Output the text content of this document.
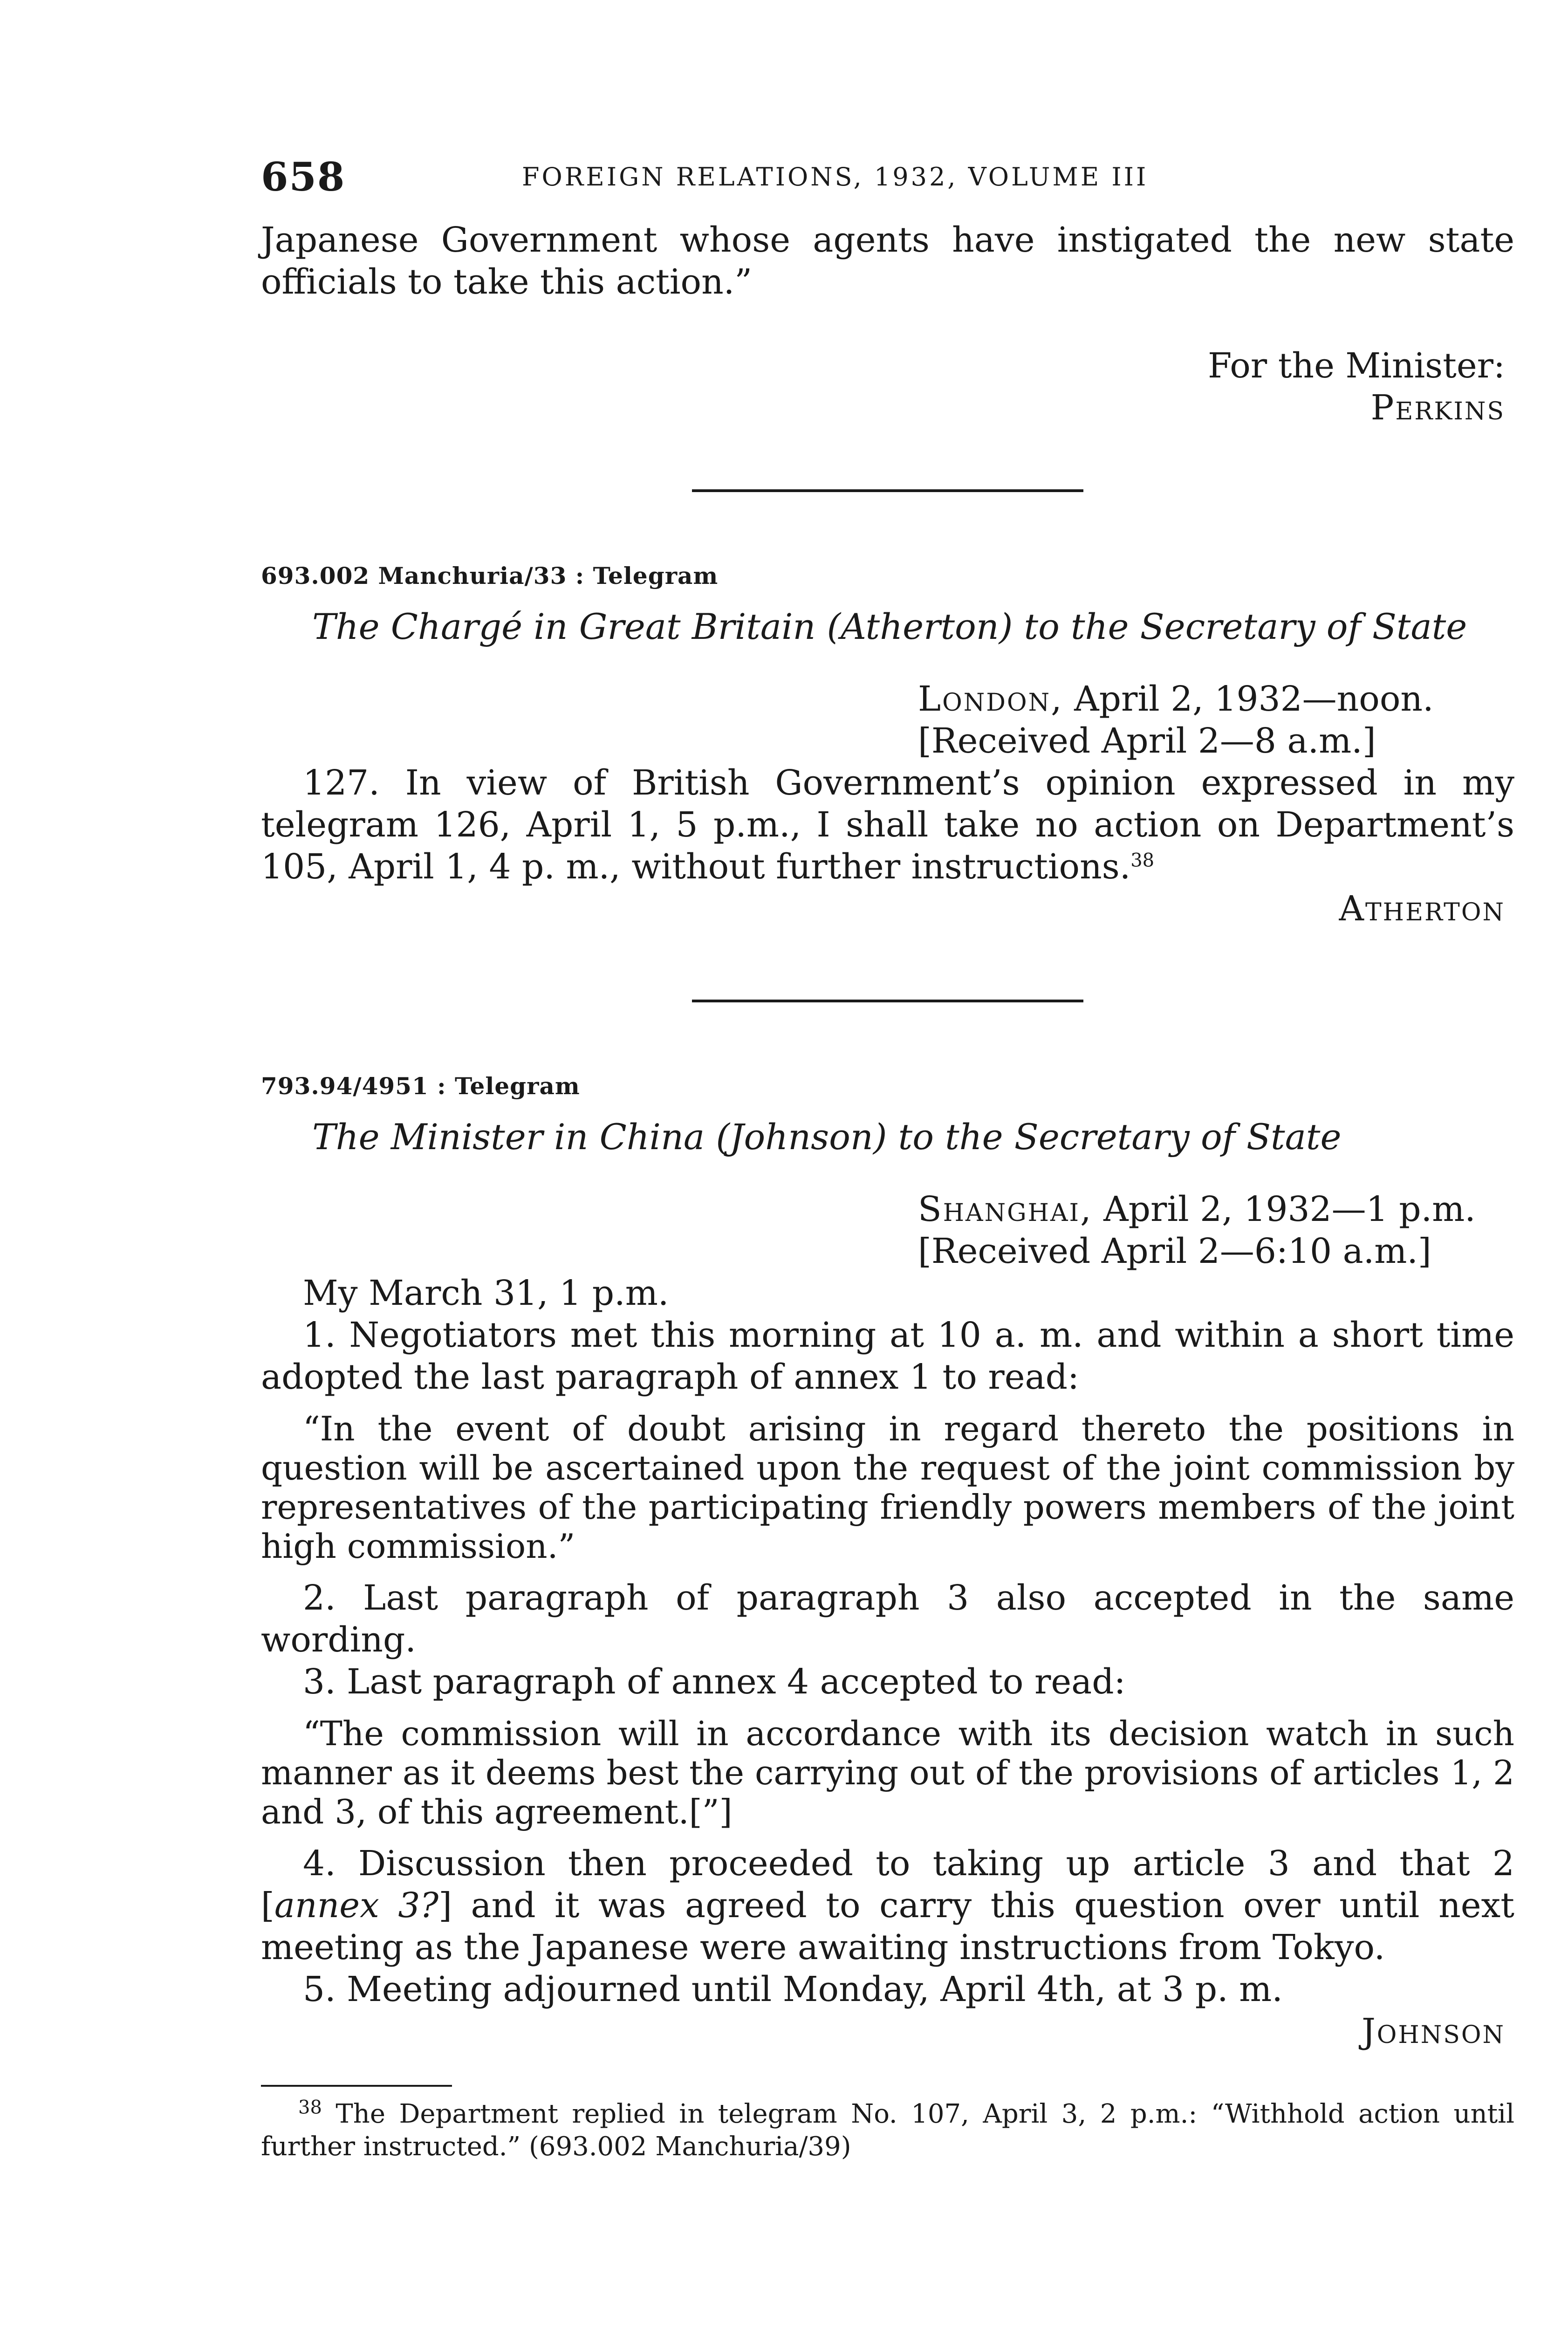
658	FOREIGN RELATIONS, 1932, VOLUME III

Japanese Government whose agents have instigated the new state officials to take this action.”

For the Minister:

Perkins

693.002 Manchuria/33 : Telegram

The Chargé in Great Britain (Atherton) to the Secretary of State

London, April 2, 1932—noon.
[Received April 2—8 a.m.]

127. In view of British Government’s opinion expressed in my telegram 126, April 1, 5 p.m., I shall take no action on Department’s 105, April 1, 4 p. m., without further instructions.$^{38}$

Atherton

793.94/4951 : Telegram

The Minister in China (Johnson) to the Secretary of State

Shanghai, April 2, 1932—1 p.m.
[Received April 2—6:10 a.m.]

My March 31, 1 p.m.

1. Negotiators met this morning at 10 a. m. and within a short time adopted the last paragraph of annex 1 to read:

“In the event of doubt arising in regard thereto the positions in question will be ascertained upon the request of the joint commission by representatives of the participating friendly powers members of the joint high commission.”

2. Last paragraph of paragraph 3 also accepted in the same wording.

3. Last paragraph of annex 4 accepted to read:

“The commission will in accordance with its decision watch in such manner as it deems best the carrying out of the provisions of articles 1, 2 and 3, of this agreement.[”]

4. Discussion then proceeded to taking up article 3 and that 2 [annex 3?] and it was agreed to carry this question over until next meeting as the Japanese were awaiting instructions from Tokyo.

5. Meeting adjourned until Monday, April 4th, at 3 p. m.

Johnson

$^{38}$ The Department replied in telegram No. 107, April 3, 2 p.m.: “Withhold action until further instructed.” (693.002 Manchuria/39)
